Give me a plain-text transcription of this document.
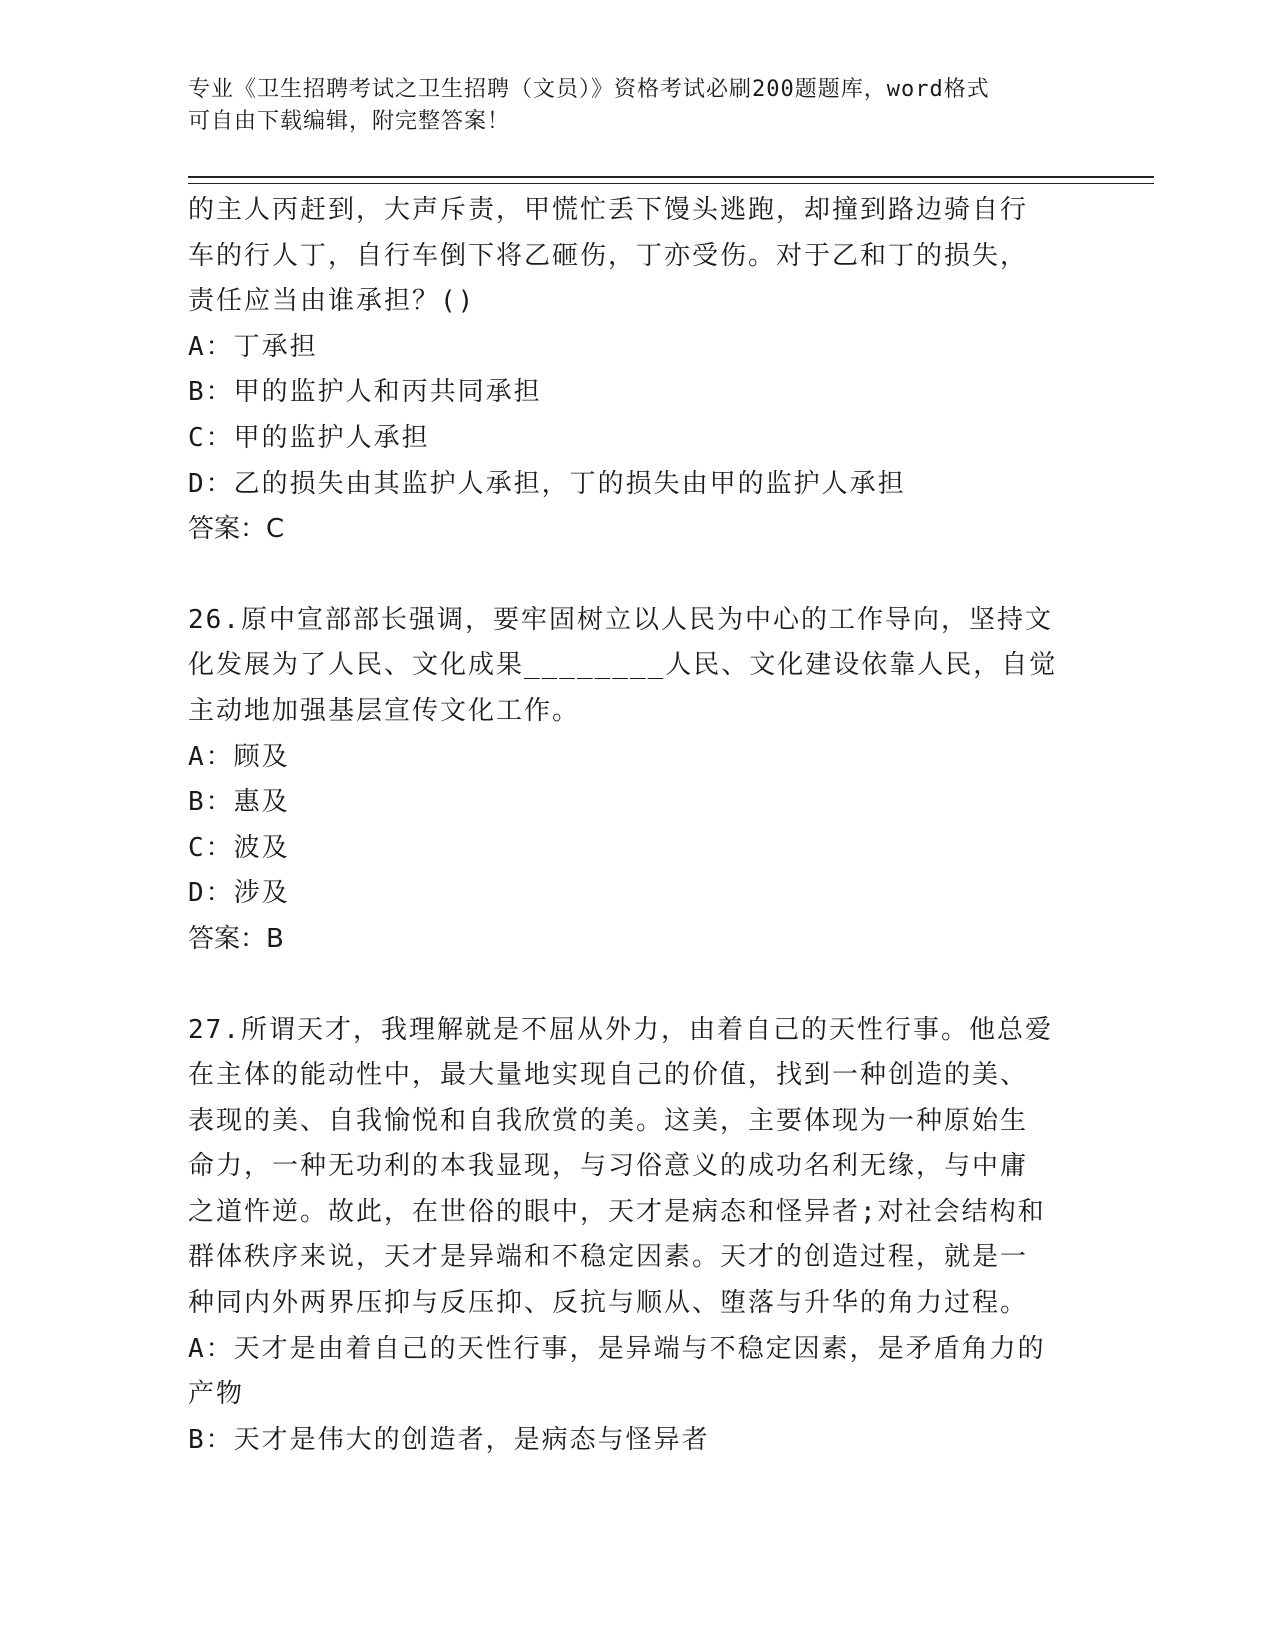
专业《卫生招聘考试之卫生招聘（文员）》资格考试必刷200题题库，word格式
可自由下载编辑，附完整答案！

的主人丙赶到，大声斥责，甲慌忙丢下馒头逃跑，却撞到路边骑自行

车的行人丁，自行车倒下将乙砸伤，丁亦受伤。对于乙和丁的损失，

责任应当由谁承担？()

A：丁承担

B：甲的监护人和丙共同承担

C：甲的监护人承担

D：乙的损失由其监护人承担，丁的损失由甲的监护人承担

答案：C

26.原中宣部部长强调，要牢固树立以人民为中心的工作导向，坚持文

化发展为了人民、文化成果________人民、文化建设依靠人民，自觉

主动地加强基层宣传文化工作。

A：顾及

B：惠及

C：波及

D：涉及

答案：B

27.所谓天才，我理解就是不屈从外力，由着自己的天性行事。他总爱

在主体的能动性中，最大量地实现自己的价值，找到一种创造的美、

表现的美、自我愉悦和自我欣赏的美。这美，主要体现为一种原始生

命力，一种无功利的本我显现，与习俗意义的成功名利无缘，与中庸

之道忤逆。故此，在世俗的眼中，天才是病态和怪异者;对社会结构和

群体秩序来说，天才是异端和不稳定因素。天才的创造过程，就是一

种同内外两界压抑与反压抑、反抗与顺从、堕落与升华的角力过程。

A：天才是由着自己的天性行事，是异端与不稳定因素，是矛盾角力的

产物

B：天才是伟大的创造者，是病态与怪异者
